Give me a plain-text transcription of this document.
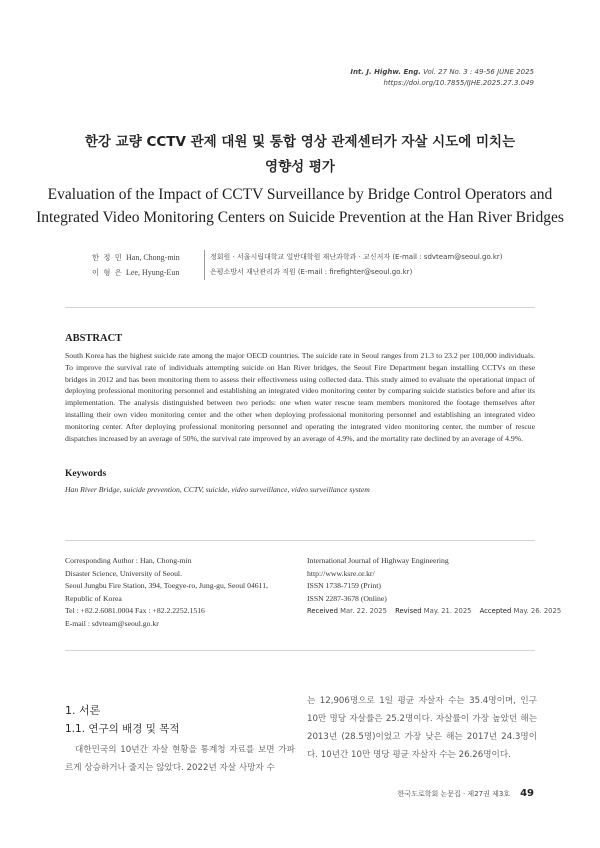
Int. J. Highw. Eng. Vol. 27 No. 3 : 49-56 JUNE 2025
https://doi.org/10.7855/IJHE.2025.27.3.049
한강 교량 CCTV 관제 대원 및 통합 영상 관제센터가 자살 시도에 미치는
영향성 평가
Evaluation of the Impact of CCTV Surveillance by Bridge Control Operators and
Integrated Video Monitoring Centers on Suicide Prevention at the Han River Bridges
한 정 민 Han, Chong-min	정회원 · 서울시립대학교 일반대학원 재난과학과 · 교신저자 (E-mail : sdvteam@seoul.go.kr)
이 형 은 Lee, Hyung-Eun	은평소방서 재난관리과 직원 (E-mail : firefighter@seoul.go.kr)
ABSTRACT
South Korea has the highest suicide rate among the major OECD countries. The suicide rate in Seoul ranges from 21.3 to 23.2 per 100,000 individuals. To improve the survival rate of individuals attempting suicide on Han River bridges, the Seoul Fire Department began installing CCTVs on these bridges in 2012 and has been monitoring them to assess their effectiveness using collected data. This study aimed to evaluate the operational impact of deploying professional monitoring personnel and establishing an integrated video monitoring center by comparing suicide statistics before and after its implementation. The analysis distinguished between two periods: one when water rescue team members monitored the footage themselves after installing their own video monitoring center and the other when deploying professional monitoring personnel and establishing an integrated video monitoring center. After deploying professional monitoring personnel and operating the integrated video monitoring center, the number of rescue dispatches increased by an average of 50%, the survival rate improved by an average of 4.9%, and the mortality rate declined by an average of 4.9%.
Keywords
Han River Bridge, suicide prevention, CCTV, suicide, video surveillance, video surveillance system
Corresponding Author : Han, Chong-min
Disaster Science, University of Seoul.
Seoul Jungbu Fire Station, 394, Toegye-ro, Jung-gu, Seoul 04611,
Republic of Korea
Tel : +82.2.6081.0004 Fax : +82.2.2252.1516
E-mail : sdvteam@seoul.go.kr
International Journal of Highway Engineering
http://www.ksre.or.kr/
ISSN 1738-7159 (Print)
ISSN 2287-3678 (Online)
Received Mar. 22. 2025 Revised May. 21. 2025 Accepted May. 26. 2025
1. 서론
1.1. 연구의 배경 및 목적
대한민국의 10년간 자살 현황을 통계청 자료를 보면 가파르게 상승하거나 줄지는 않았다. 2022년 자살 사망자 수
는 12,906명으로 1일 평균 자살자 수는 35.4명이며, 인구 10만 명당 자살률은 25.2명이다. 자살률이 가장 높았던 해는 2013년 (28.5명)이었고 가장 낮은 해는 2017년 24.3명이다. 10년간 10만 명당 평균 자살자 수는 26.26명이다.
한국도로학회 논문집 · 제27권 제3호 49
